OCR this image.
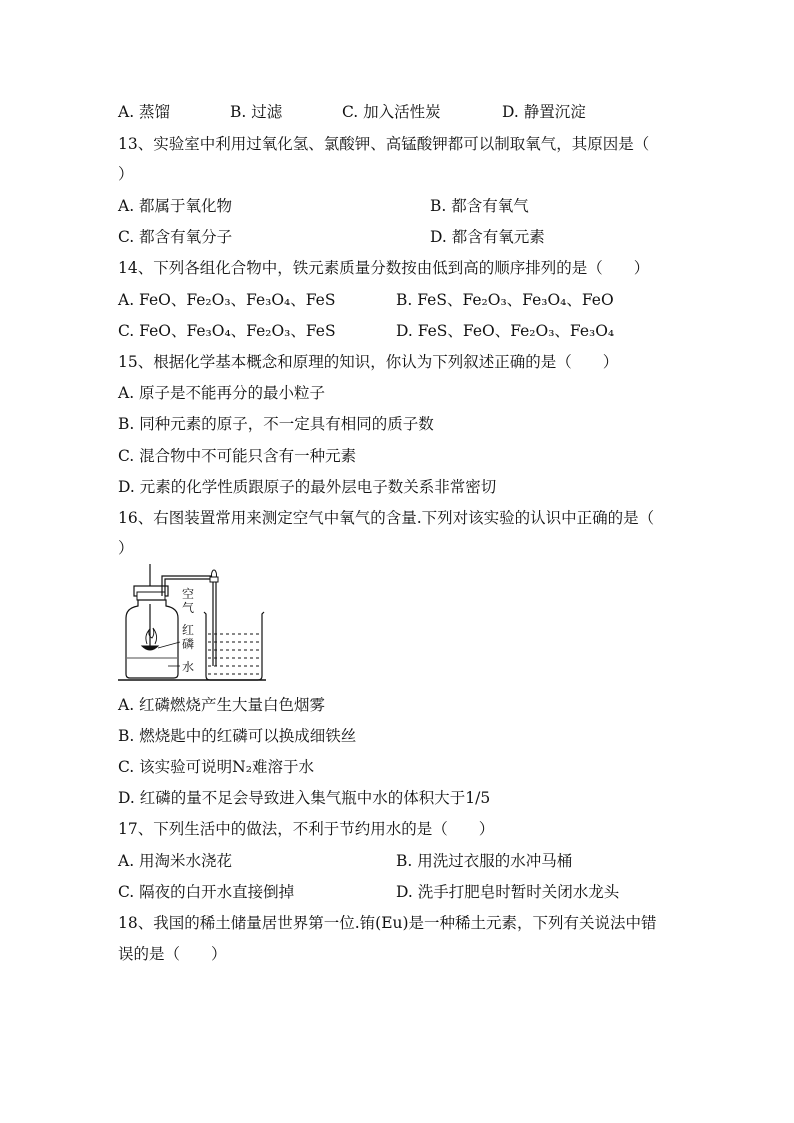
A. 蒸馏	B. 过滤	C. 加入活性炭	D. 静置沉淀
13、实验室中利用过氧化氢、氯酸钾、高锰酸钾都可以制取氧气，其原因是（
）
A. 都属于氧化物	B. 都含有氧气
C. 都含有氧分子	D. 都含有氧元素
14、下列各组化合物中，铁元素质量分数按由低到高的顺序排列的是（　　）
A. FeO、Fe₂O₃、Fe₃O₄、FeS	B. FeS、Fe₂O₃、Fe₃O₄、FeO
C. FeO、Fe₃O₄、Fe₂O₃、FeS	D. FeS、FeO、Fe₂O₃、Fe₃O₄
15、根据化学基本概念和原理的知识，你认为下列叙述正确的是（　　）
A. 原子是不能再分的最小粒子
B. 同种元素的原子，不一定具有相同的质子数
C. 混合物中不可能只含有一种元素
D. 元素的化学性质跟原子的最外层电子数关系非常密切
16、右图装置常用来测定空气中氧气的含量.下列对该实验的认识中正确的是（
）
空
气
红
磷
水
A. 红磷燃烧产生大量白色烟雾
B. 燃烧匙中的红磷可以换成细铁丝
C. 该实验可说明N₂难溶于水
D. 红磷的量不足会导致进入集气瓶中水的体积大于1/5
17、下列生活中的做法，不利于节约用水的是（　　）
A. 用淘米水浇花	B. 用洗过衣服的水冲马桶
C. 隔夜的白开水直接倒掉	D. 洗手打肥皂时暂时关闭水龙头
18、我国的稀土储量居世界第一位.铕(Eu)是一种稀土元素，下列有关说法中错
误的是（　　）
